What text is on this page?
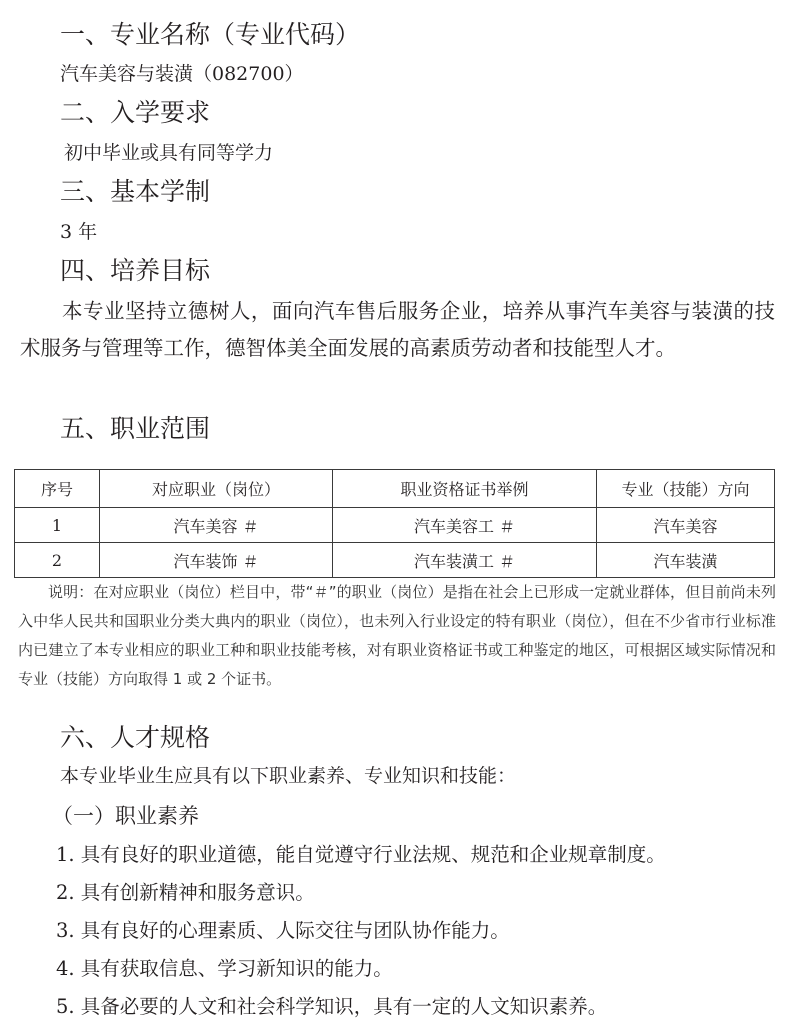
一、专业名称（专业代码）
汽车美容与装潢（082700）
二、入学要求
初中毕业或具有同等学力
三、基本学制
3 年
四、培养目标
本专业坚持立德树人，面向汽车售后服务企业，培养从事汽车美容与装潢的技术服务与管理等工作，德智体美全面发展的高素质劳动者和技能型人才。
五、职业范围
序号	对应职业（岗位）	职业资格证书举例	专业（技能）方向
1	汽车美容 ＃	汽车美容工 ＃	汽车美容
2	汽车装饰 ＃	汽车装潢工 ＃	汽车装潢
说明：在对应职业（岗位）栏目中，带“＃”的职业（岗位）是指在社会上已形成一定就业群体，但目前尚未列入中华人民共和国职业分类大典内的职业（岗位），也未列入行业设定的特有职业（岗位），但在不少省市行业标准内已建立了本专业相应的职业工种和职业技能考核，对有职业资格证书或工种鉴定的地区，可根据区域实际情况和专业（技能）方向取得 1 或 2 个证书。
六、人才规格
本专业毕业生应具有以下职业素养、专业知识和技能：
（一）职业素养
1. 具有良好的职业道德，能自觉遵守行业法规、规范和企业规章制度。
2. 具有创新精神和服务意识。
3. 具有良好的心理素质、人际交往与团队协作能力。
4. 具有获取信息、学习新知识的能力。
5. 具备必要的人文和社会科学知识，具有一定的人文知识素养。
